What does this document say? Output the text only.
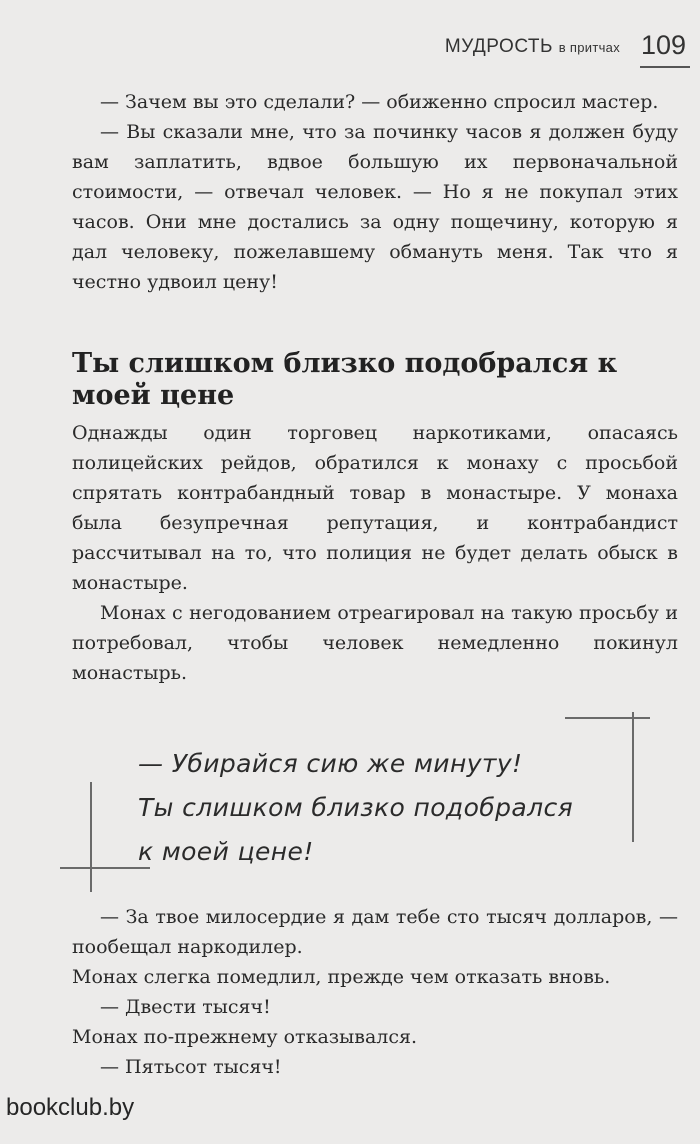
МУДРОСТЬ в притчах 109

— Зачем вы это сделали? — обиженно спросил мастер.

— Вы сказали мне, что за починку часов я должен буду вам заплатить, вдвое большую их первоначальной стоимости, — отвечал человек. — Но я не покупал этих часов. Они мне достались за одну пощечину, которую я дал человеку, пожелавшему обмануть меня. Так что я честно удвоил цену!

Ты слишком близко подобрался к моей цене

Однажды один торговец наркотиками, опасаясь полицейских рейдов, обратился к монаху с просьбой спрятать контрабандный товар в монастыре. У монаха была безупречная репутация, и контрабандист рассчитывал на то, что полиция не будет делать обыск в монастыре.

Монах с негодованием отреагировал на такую просьбу и потребовал, чтобы человек немедленно покинул монастырь.

— Убирайся сию же минуту!
Ты слишком близко подобрался
к моей цене!

— За твое милосердие я дам тебе сто тысяч долларов, — пообещал наркодилер.

Монах слегка помедлил, прежде чем отказать вновь.

— Двести тысяч!

Монах по-прежнему отказывался.

— Пятьсот тысяч!

bookclub.by
